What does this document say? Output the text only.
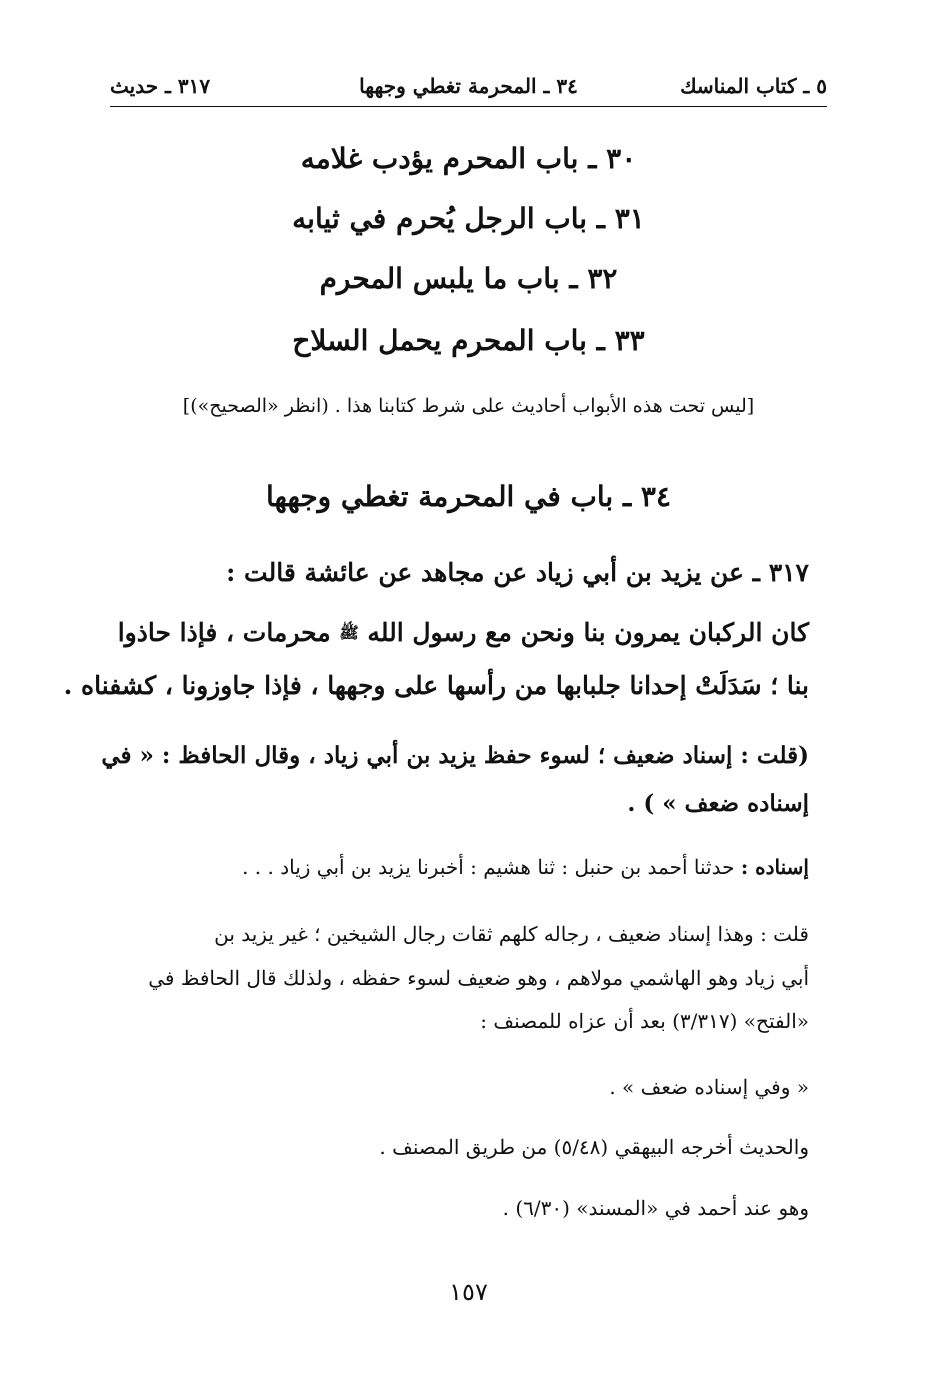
٥ ـ كتاب المناسك
٣٤ ـ المحرمة تغطي وجهها
٣١٧ ـ حديث
٣٠ ـ باب المحرم يؤدب غلامه
٣١ ـ باب الرجل يُحرم في ثيابه
٣٢ ـ باب ما يلبس المحرم
٣٣ ـ باب المحرم يحمل السلاح
[ليس تحت هذه الأبواب أحاديث على شرط كتابنا هذا . (انظر «الصحيح»)]
٣٤ ـ باب في المحرمة تغطي وجهها
٣١٧ ـ عن يزيد بن أبي زياد عن مجاهد عن عائشة قالت :
كان الركبان يمرون بنا ونحن مع رسول الله ﷺ محرمات ، فإذا حاذوا
بنا ؛ سَدَلَتْ إحدانا جلبابها من رأسها على وجهها ، فإذا جاوزونا ، كشفناه .
(قلت : إسناد ضعيف ؛ لسوء حفظ يزيد بن أبي زياد ، وقال الحافظ : « في
إسناده ضعف » ) .
إسناده : حدثنا أحمد بن حنبل : ثنا هشيم : أخبرنا يزيد بن أبي زياد . . .
قلت : وهذا إسناد ضعيف ، رجاله كلهم ثقات رجال الشيخين ؛ غير يزيد بن
أبي زياد وهو الهاشمي مولاهم ، وهو ضعيف لسوء حفظه ، ولذلك قال الحافظ في
«الفتح» (٣/٣١٧) بعد أن عزاه للمصنف :
« وفي إسناده ضعف » .
والحديث أخرجه البيهقي (٥/٤٨) من طريق المصنف .
وهو عند أحمد في «المسند» (٦/٣٠) .
١٥٧
